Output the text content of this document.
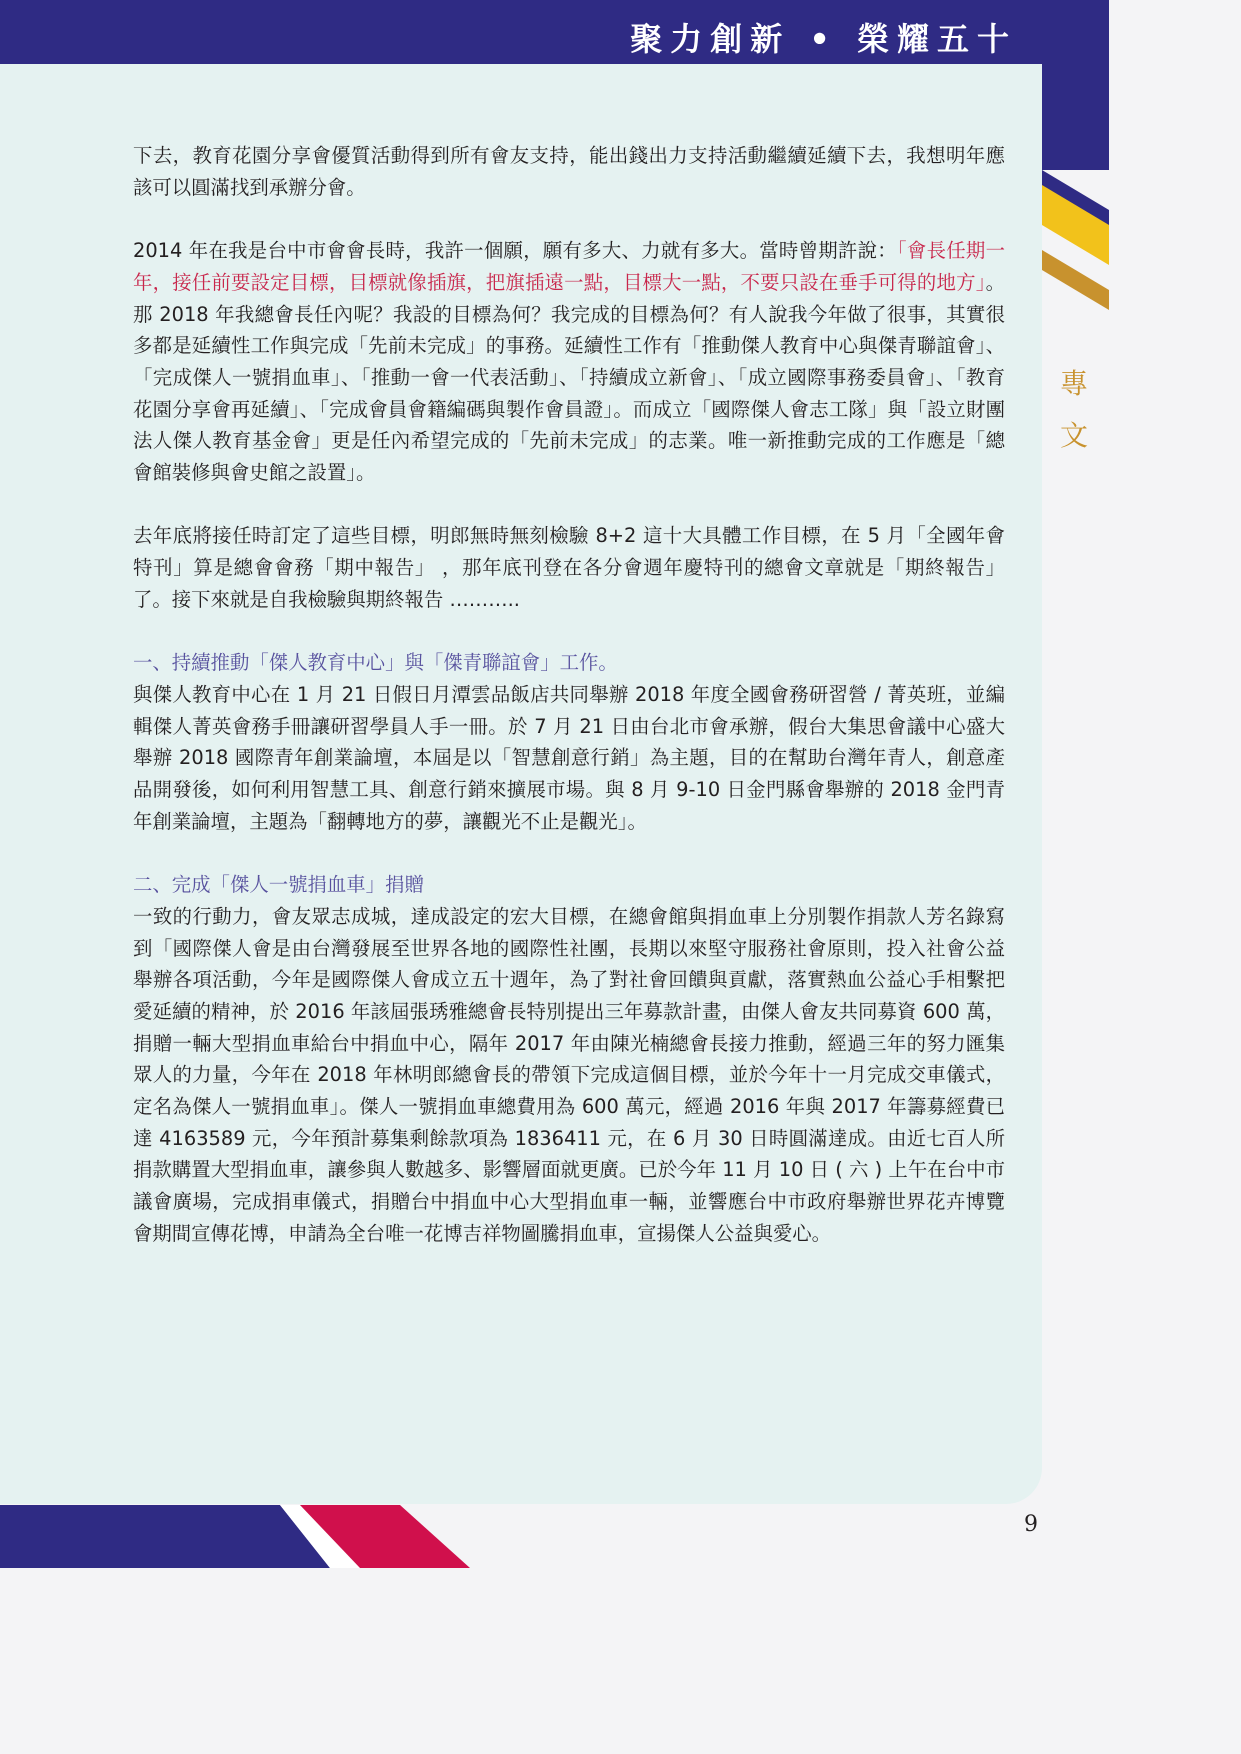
聚力創新 • 榮耀五十
專文

下去，教育花園分享會優質活動得到所有會友支持，能出錢出力支持活動繼續延續下去，我想明年應該可以圓滿找到承辦分會。

2014 年在我是台中市會會長時，我許一個願，願有多大、力就有多大。當時曾期許說：「會長任期一年，接任前要設定目標，目標就像插旗，把旗插遠一點，目標大一點，不要只設在垂手可得的地方」。那 2018 年我總會長任內呢？我設的目標為何？我完成的目標為何？有人說我今年做了很事，其實很多都是延續性工作與完成「先前未完成」的事務。延續性工作有「推動傑人教育中心與傑青聯誼會」、「完成傑人一號捐血車」、「推動一會一代表活動」、「持續成立新會」、「成立國際事務委員會」、「教育花園分享會再延續」、「完成會員會籍編碼與製作會員證」。而成立「國際傑人會志工隊」與「設立財團法人傑人教育基金會」更是任內希望完成的「先前未完成」的志業。唯一新推動完成的工作應是「總會館裝修與會史館之設置」。

去年底將接任時訂定了這些目標，明郎無時無刻檢驗 8+2 這十大具體工作目標，在 5 月「全國年會特刊」算是總會會務「期中報告」 ，那年底刊登在各分會週年慶特刊的總會文章就是「期終報告」了。接下來就是自我檢驗與期終報告 ………..

一、持續推動「傑人教育中心」與「傑青聯誼會」工作。

與傑人教育中心在 1 月 21 日假日月潭雲品飯店共同舉辦 2018 年度全國會務研習營 / 菁英班，並編輯傑人菁英會務手冊讓研習學員人手一冊。於 7 月 21 日由台北市會承辦，假台大集思會議中心盛大舉辦 2018 國際青年創業論壇，本屆是以「智慧創意行銷」為主題，目的在幫助台灣年青人，創意產品開發後，如何利用智慧工具、創意行銷來擴展市場。與 8 月 9-10 日金門縣會舉辦的 2018 金門青年創業論壇，主題為「翻轉地方的夢，讓觀光不止是觀光」。

二、完成「傑人一號捐血車」捐贈

一致的行動力，會友眾志成城，達成設定的宏大目標，在總會館與捐血車上分別製作捐款人芳名錄寫到「國際傑人會是由台灣發展至世界各地的國際性社團，長期以來堅守服務社會原則，投入社會公益舉辦各項活動，今年是國際傑人會成立五十週年，為了對社會回饋與貢獻，落實熱血公益心手相繫把愛延續的精神，於 2016 年該屆張琇雅總會長特別提出三年募款計畫，由傑人會友共同募資 600 萬，捐贈一輛大型捐血車給台中捐血中心，隔年 2017 年由陳光楠總會長接力推動，經過三年的努力匯集眾人的力量，今年在 2018 年林明郎總會長的帶領下完成這個目標，並於今年十一月完成交車儀式，定名為傑人一號捐血車」。傑人一號捐血車總費用為 600 萬元，經過 2016 年與 2017 年籌募經費已達 4163589 元，今年預計募集剩餘款項為 1836411 元，在 6 月 30 日時圓滿達成。由近七百人所捐款購置大型捐血車，讓參與人數越多、影響層面就更廣。已於今年 11 月 10 日 ( 六 ) 上午在台中市議會廣場，完成捐車儀式，捐贈台中捐血中心大型捐血車一輛，並響應台中市政府舉辦世界花卉博覽會期間宣傳花博，申請為全台唯一花博吉祥物圖騰捐血車，宣揚傑人公益與愛心。

9
